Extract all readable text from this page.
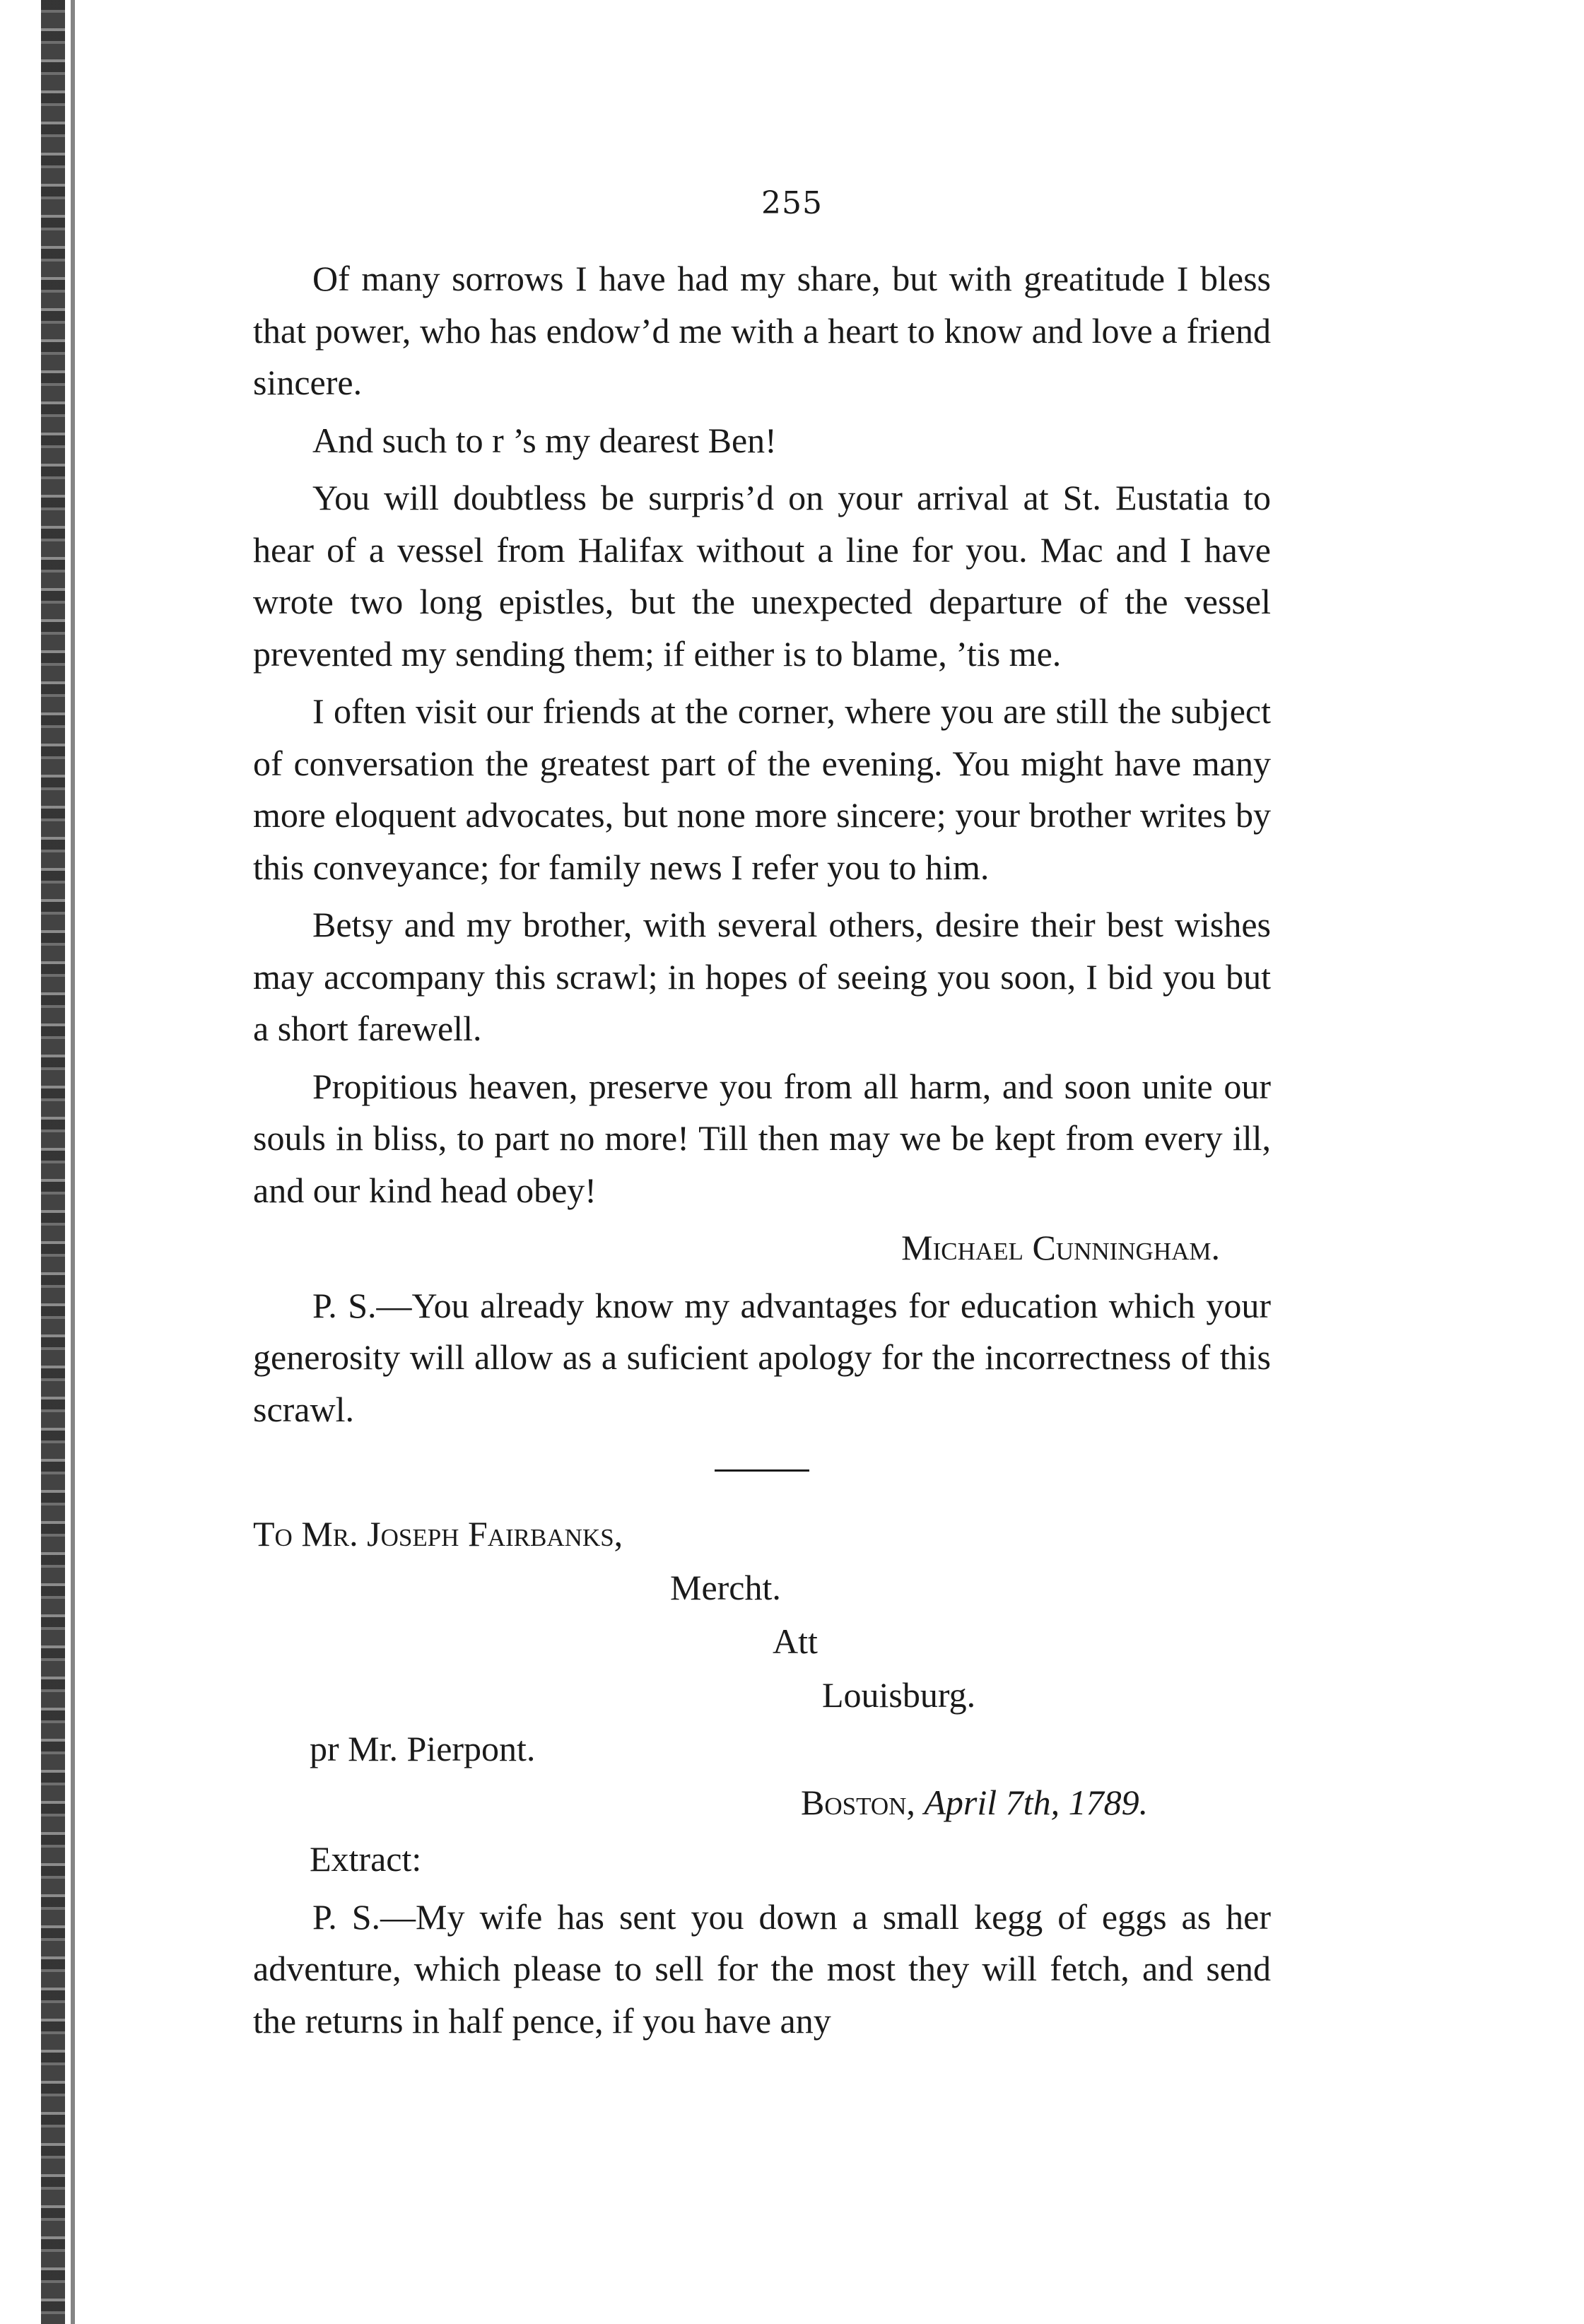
255

Of many sorrows I have had my share, but with greatitude I bless that power, who has endow’d me with a heart to know and love a friend sincere.

And such to r ’s my dearest Ben!

You will doubtless be surpris’d on your arrival at St. Eustatia to hear of a vessel from Halifax without a line for you. Mac and I have wrote two long epistles, but the unexpected departure of the vessel prevented my sending them; if either is to blame, ’tis me.

I often visit our friends at the corner, where you are still the subject of conversation the greatest part of the evening. You might have many more eloquent advocates, but none more sincere; your brother writes by this conveyance; for family news I refer you to him.

Betsy and my brother, with several others, desire their best wishes may accompany this scrawl; in hopes of seeing you soon, I bid you but a short farewell.

Propitious heaven, preserve you from all harm, and soon unite our souls in bliss, to part no more! Till then may we be kept from every ill, and our kind head obey!

Michael Cunningham.

P. S.—You already know my advantages for education which your generosity will allow as a suficient apology for the incorrectness of this scrawl.

To Mr. Joseph Fairbanks,
Mercht.
Att
Louisburg.
pr Mr. Pierpont.
Boston, April 7th, 1789.

Extract:

P. S.—My wife has sent you down a small kegg of eggs as her adventure, which please to sell for the most they will fetch, and send the returns in half pence, if you have any
